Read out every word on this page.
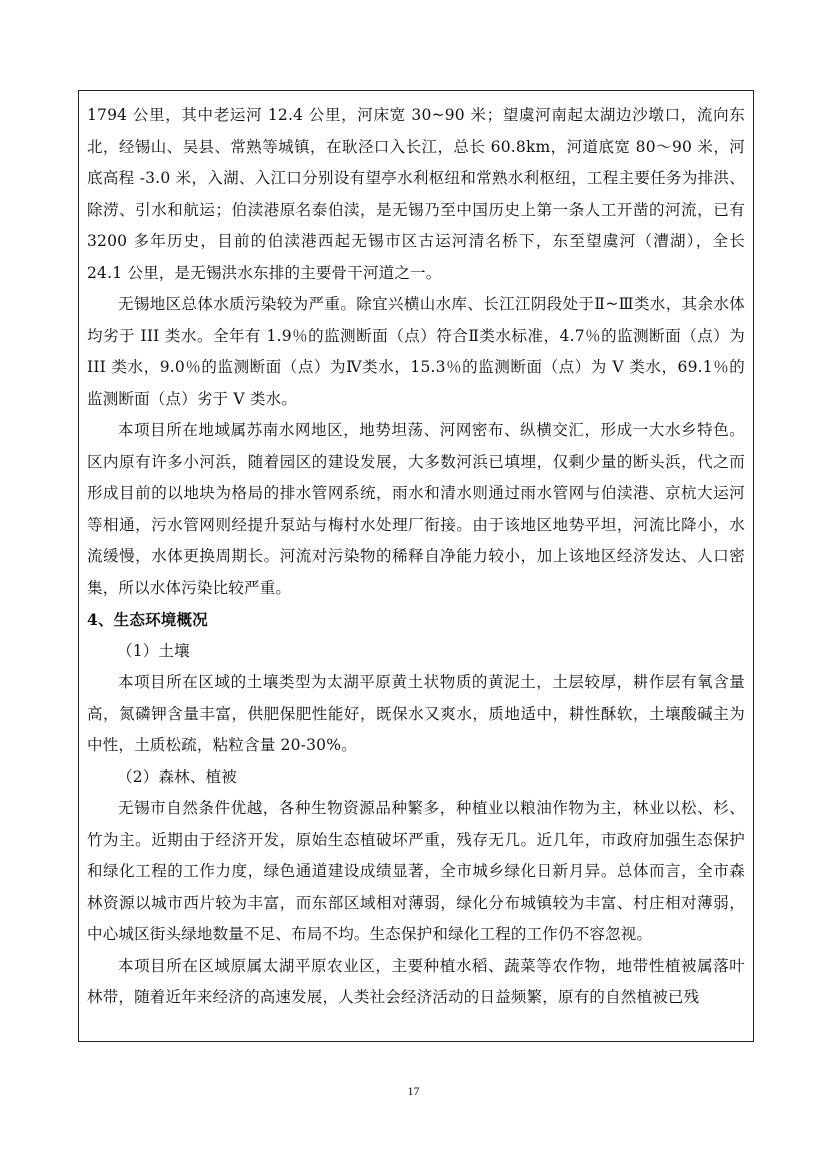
1794 公里，其中老运河 12.4 公里，河床宽 30~90 米；望虞河南起太湖边沙墩口，流向东北，经锡山、吴县、常熟等城镇，在耿泾口入长江，总长 60.8km，河道底宽 80～90 米，河底高程 -3.0 米，入湖、入江口分别设有望亭水利枢纽和常熟水利枢纽，工程主要任务为排洪、除涝、引水和航运；伯渎港原名泰伯渎，是无锡乃至中国历史上第一条人工开凿的河流，已有 3200 多年历史，目前的伯渎港西起无锡市区古运河清名桥下，东至望虞河（漕湖），全长 24.1 公里，是无锡洪水东排的主要骨干河道之一。

无锡地区总体水质污染较为严重。除宜兴横山水库、长江江阴段处于Ⅱ~Ⅲ类水，其余水体均劣于 III 类水。全年有 1.9％的监测断面（点）符合Ⅱ类水标准，4.7％的监测断面（点）为 III 类水，9.0％的监测断面（点）为Ⅳ类水，15.3％的监测断面（点）为 V 类水，69.1％的监测断面（点）劣于 V 类水。

本项目所在地域属苏南水网地区，地势坦荡、河网密布、纵横交汇，形成一大水乡特色。区内原有许多小河浜，随着园区的建设发展，大多数河浜已填埋，仅剩少量的断头浜，代之而形成目前的以地块为格局的排水管网系统，雨水和清水则通过雨水管网与伯渎港、京杭大运河等相通，污水管网则经提升泵站与梅村水处理厂衔接。由于该地区地势平坦，河流比降小，水流缓慢，水体更换周期长。河流对污染物的稀释自净能力较小，加上该地区经济发达、人口密集，所以水体污染比较严重。

4、生态环境概况

（1）土壤

本项目所在区域的土壤类型为太湖平原黄土状物质的黄泥土，土层较厚，耕作层有氧含量高，氮磷钾含量丰富，供肥保肥性能好，既保水又爽水，质地适中，耕性酥软，土壤酸碱主为中性，土质松疏，粘粒含量 20-30%。

（2）森林、植被

无锡市自然条件优越，各种生物资源品种繁多，种植业以粮油作物为主，林业以松、杉、竹为主。近期由于经济开发，原始生态植破坏严重，残存无几。近几年，市政府加强生态保护和绿化工程的工作力度，绿色通道建设成绩显著，全市城乡绿化日新月异。总体而言，全市森林资源以城市西片较为丰富，而东部区域相对薄弱，绿化分布城镇较为丰富、村庄相对薄弱，中心城区街头绿地数量不足、布局不均。生态保护和绿化工程的工作仍不容忽视。

本项目所在区域原属太湖平原农业区，主要种植水稻、蔬菜等农作物，地带性植被属落叶林带，随着近年来经济的高速发展，人类社会经济活动的日益频繁，原有的自然植被已残

17
